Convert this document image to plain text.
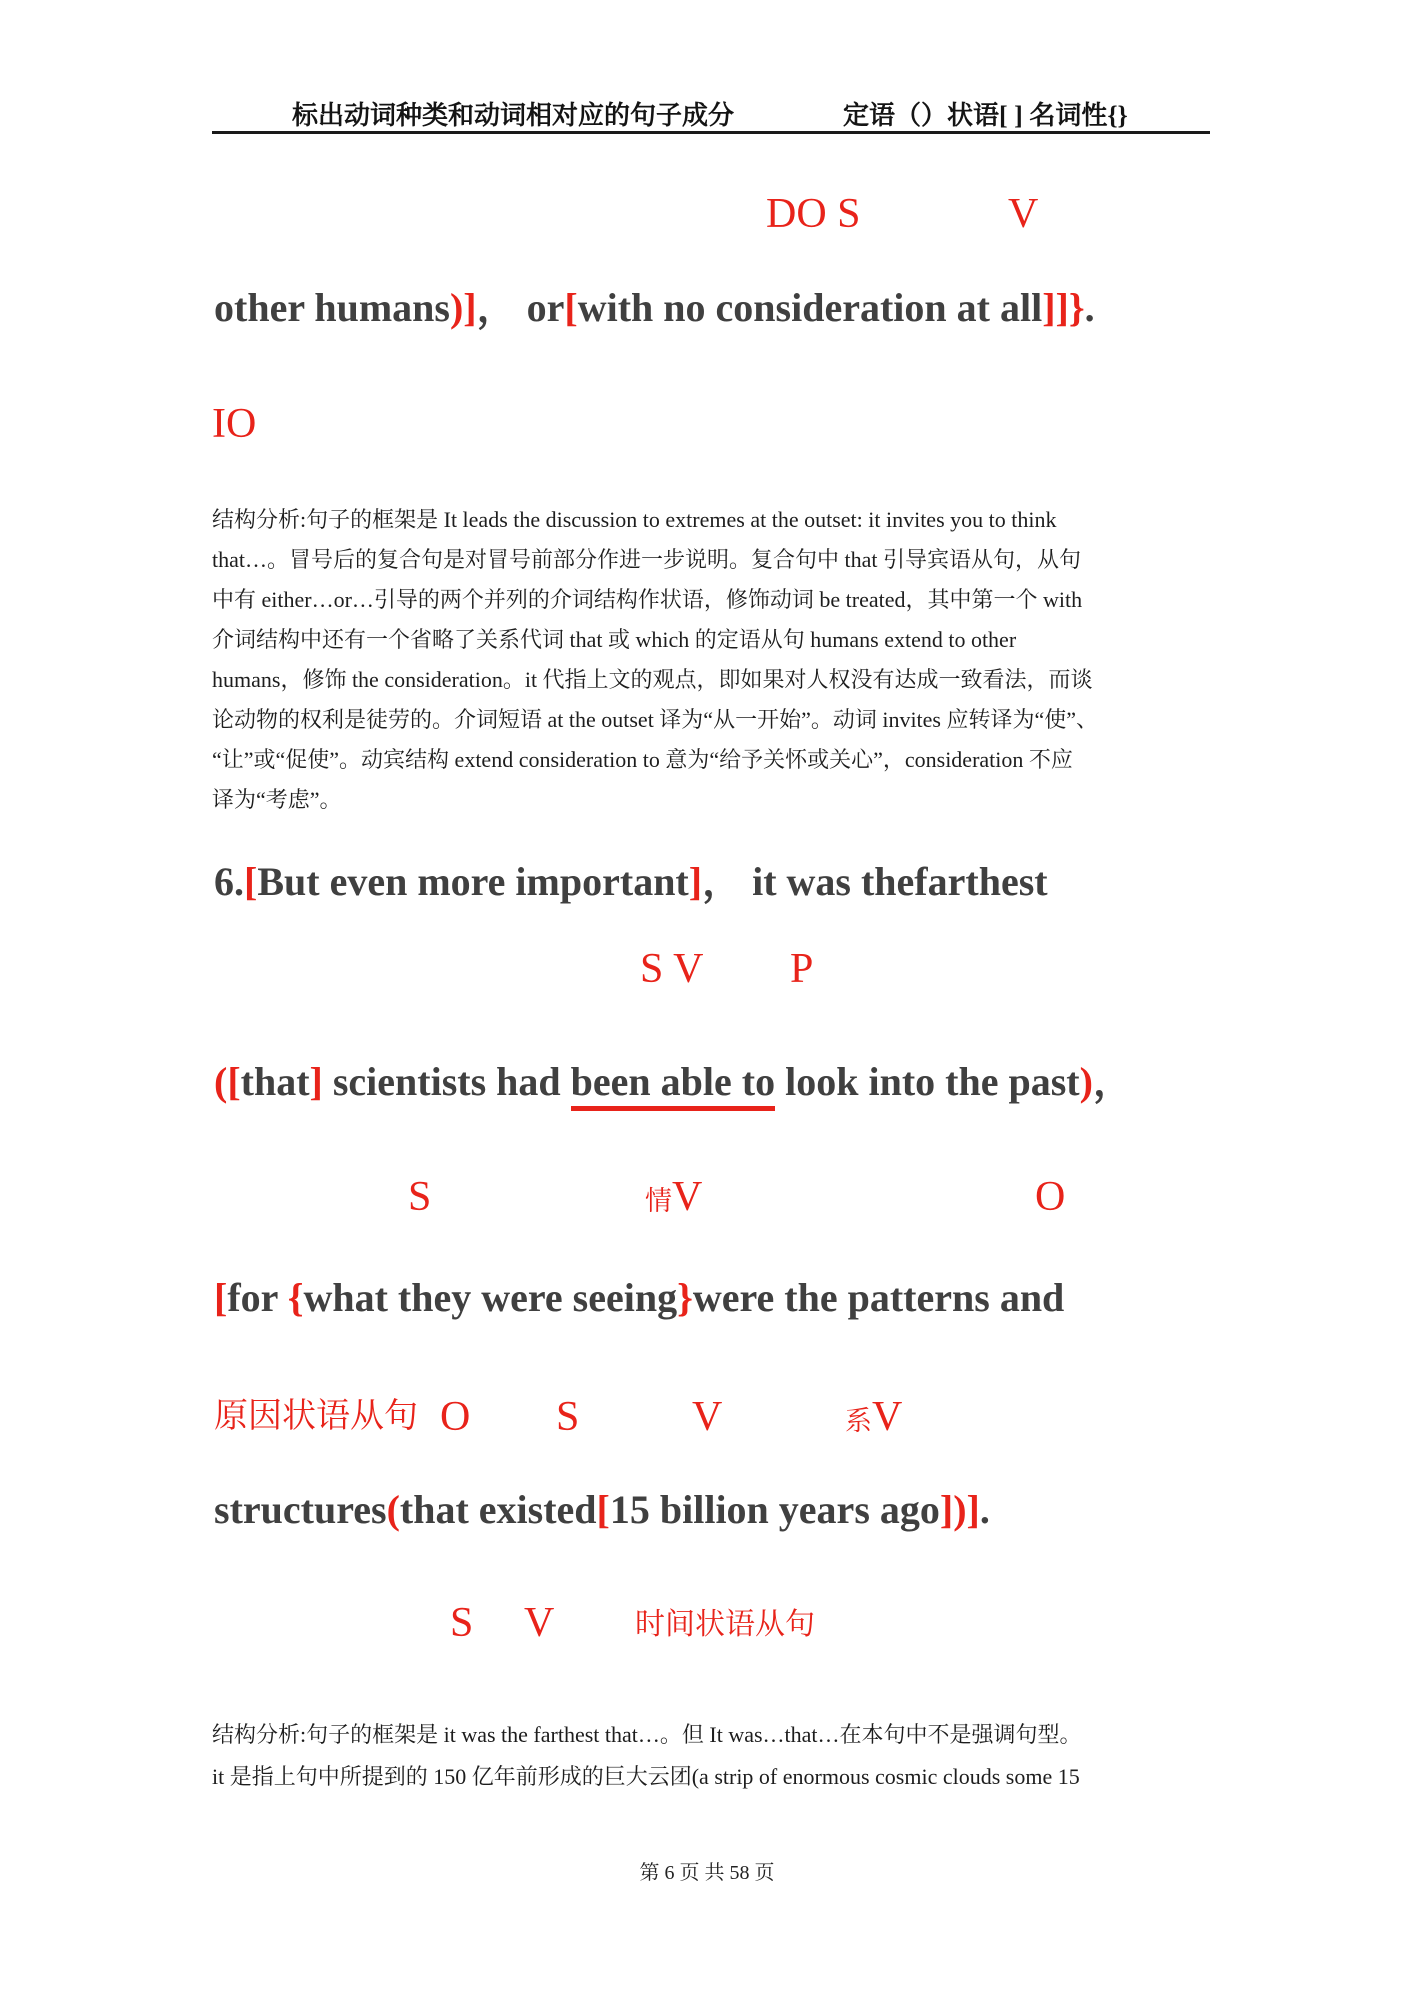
标出动词种类和动词相对应的句子成分	定语（）状语[ ] 名词性{}
DO S	V
other humans)]， or[with no consideration at all]]}.
IO
结构分析:句子的框架是 It leads the discussion to extremes at the outset: it invites you to think
that…。冒号后的复合句是对冒号前部分作进一步说明。复合句中 that 引导宾语从句，从句
中有 either…or…引导的两个并列的介词结构作状语，修饰动词 be treated，其中第一个 with
介词结构中还有一个省略了关系代词 that 或 which 的定语从句 humans extend to other
humans，修饰 the consideration。it 代指上文的观点，即如果对人权没有达成一致看法，而谈
论动物的权利是徒劳的。介词短语 at the outset 译为“从一开始”。动词 invites 应转译为“使”、
“让”或“促使”。动宾结构 extend consideration to 意为“给予关怀或关心”，consideration 不应
译为“考虑”。
6.[But even more important]， it was thefarthest
S V P
([that] scientists had been able to look into the past)，
S	情V	O
[for {what they were seeing}were the patterns and
原因状语从句 O S	V	系V
structures(that existed[15 billion years ago])].
S V	时间状语从句
结构分析:句子的框架是 it was the farthest that…。但 It was…that…在本句中不是强调句型。
it 是指上句中所提到的 150 亿年前形成的巨大云团(a strip of enormous cosmic clouds some 15
第 6 页 共 58 页
